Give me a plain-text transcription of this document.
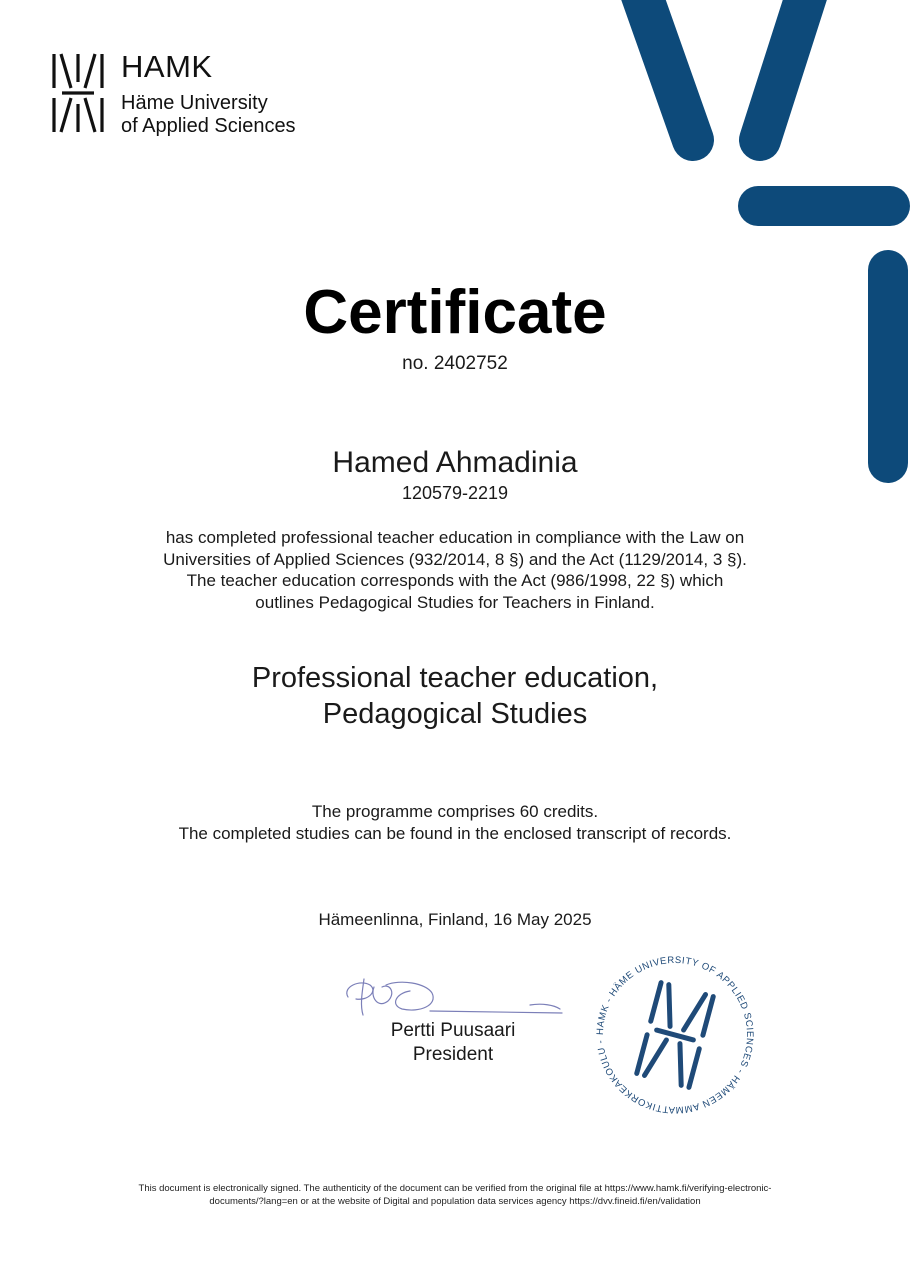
HAMK
Häme University
of Applied Sciences
Certificate
no. 2402752
Hamed Ahmadinia
120579-2219
has completed professional teacher education in compliance with the Law on
Universities of Applied Sciences (932/2014, 8 §) and the Act (1129/2014, 3 §).
The teacher education corresponds with the Act (986/1998, 22 §) which
outlines Pedagogical Studies for Teachers in Finland.
Professional teacher education,
Pedagogical Studies
The programme comprises 60 credits.
The completed studies can be found in the enclosed transcript of records.
Hämeenlinna, Finland, 16 May 2025
Pertti Puusaari
President
HAMK - HÄME UNIVERSITY OF APPLIED SCIENCES - HÄMEEN AMMATTIKORKEAKOULU -
This document is electronically signed. The authenticity of the document can be verified from the original file at https://www.hamk.fi/verifying-electronic-
documents/?lang=en or at the website of Digital and population data services agency https://dvv.fineid.fi/en/validation
